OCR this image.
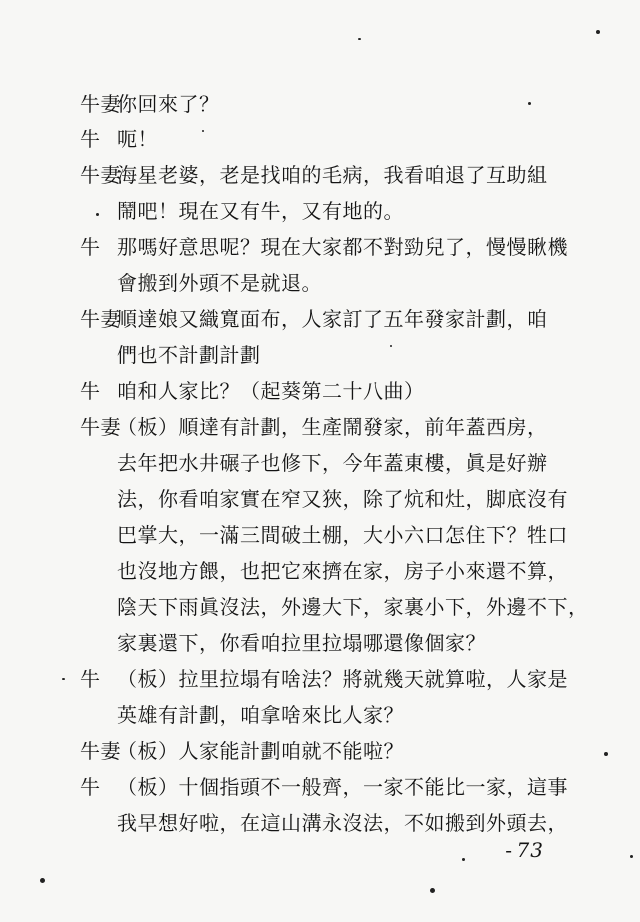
牛妻你回來了？
牛 呃！
牛妻海星老婆，老是找咱的毛病，我看咱退了互助組
鬧吧！現在又有牛，又有地的。
牛 那嗎好意思呢？現在大家都不對勁兒了，慢慢瞅機
會搬到外頭不是就退。
牛妻順達娘又織寬面布，人家訂了五年發家計劃，咱
們也不計劃計劃
牛 咱和人家比？（起葵第二十八曲）
牛妻（板）順達有計劃，生產鬧發家，前年蓋西房，
去年把水井碾子也修下，今年蓋東樓，眞是好辦
法，你看咱家實在窄又狹，除了炕和灶，脚底沒有
巴掌大，一滿三間破土棚，大小六口怎住下？牲口
也沒地方餵，也把它來擠在家，房子小來還不算，
陰天下雨眞沒法，外邊大下，家裏小下，外邊不下，
家裏還下，你看咱拉里拉塌哪還像個家？
牛 （板）拉里拉塌有啥法？將就幾天就算啦，人家是
英雄有計劃，咱拿啥來比人家？
牛妻（板）人家能計劃咱就不能啦？
牛 （板）十個指頭不一般齊，一家不能比一家，這事
我早想好啦，在這山溝永沒法，不如搬到外頭去，
- 73
